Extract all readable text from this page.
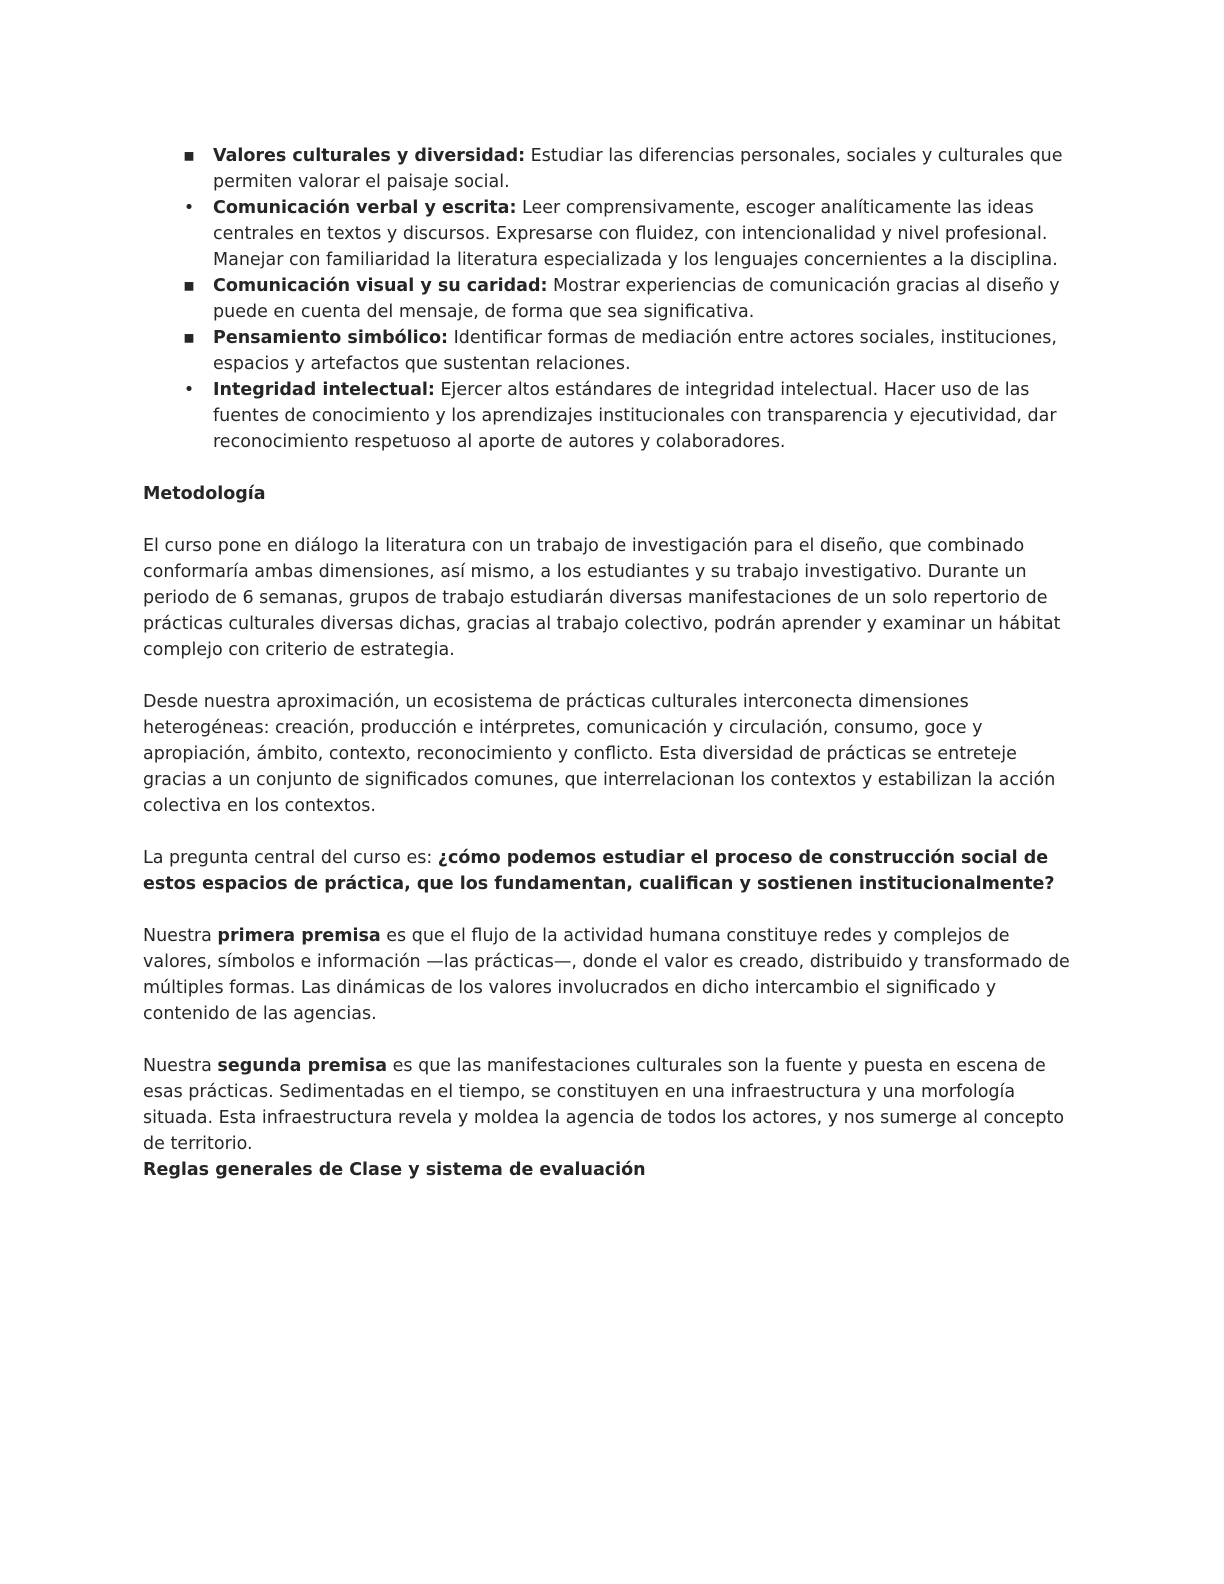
▪ Valores culturales y diversidad: Estudiar las diferencias personales, sociales y culturales que permiten valorar el paisaje social.
• Comunicación verbal y escrita: Leer comprensivamente, escoger analíticamente las ideas centrales en textos y discursos. Expresarse con fluidez, con intencionalidad y nivel profesional. Manejar con familiaridad la literatura especializada y los lenguajes concernientes a la disciplina.
▪ Comunicación visual y su caridad: Mostrar experiencias de comunicación gracias al diseño y puede en cuenta del mensaje, de forma que sea significativa.
▪ Pensamiento simbólico: Identificar formas de mediación entre actores sociales, instituciones, espacios y artefactos que sustentan relaciones.
• Integridad intelectual: Ejercer altos estándares de integridad intelectual. Hacer uso de las fuentes de conocimiento y los aprendizajes institucionales con transparencia y ejecutividad, dar reconocimiento respetuoso al aporte de autores y colaboradores.
Metodología

El curso pone en diálogo la literatura con un trabajo de investigación para el diseño, que combinado conformaría ambas dimensiones, así mismo, a los estudiantes y su trabajo investigativo. Durante un periodo de 6 semanas, grupos de trabajo estudiarán diversas manifestaciones de un solo repertorio de prácticas culturales diversas dichas, gracias al trabajo colectivo, podrán aprender y examinar un hábitat complejo con criterio de estrategia.

Desde nuestra aproximación, un ecosistema de prácticas culturales interconecta dimensiones heterogéneas: creación, producción e intérpretes, comunicación y circulación, consumo, goce y apropiación, ámbito, contexto, reconocimiento y conflicto. Esta diversidad de prácticas se entreteje gracias a un conjunto de significados comunes, que interrelacionan los contextos y estabilizan la acción colectiva en los contextos.

La pregunta central del curso es: ¿cómo podemos estudiar el proceso de construcción social de estos espacios de práctica, que los fundamentan, cualifican y sostienen institucionalmente?

Nuestra primera premisa es que el flujo de la actividad humana constituye redes y complejos de valores, símbolos e información —las prácticas—, donde el valor es creado, distribuido y transformado de múltiples formas. Las dinámicas de los valores involucrados en dicho intercambio el significado y contenido de las agencias.

Nuestra segunda premisa es que las manifestaciones culturales son la fuente y puesta en escena de esas prácticas. Sedimentadas en el tiempo, se constituyen en una infraestructura y una morfología situada. Esta infraestructura revela y moldea la agencia de todos los actores, y nos sumerge al concepto de territorio.

Reglas generales de Clase y sistema de evaluación
